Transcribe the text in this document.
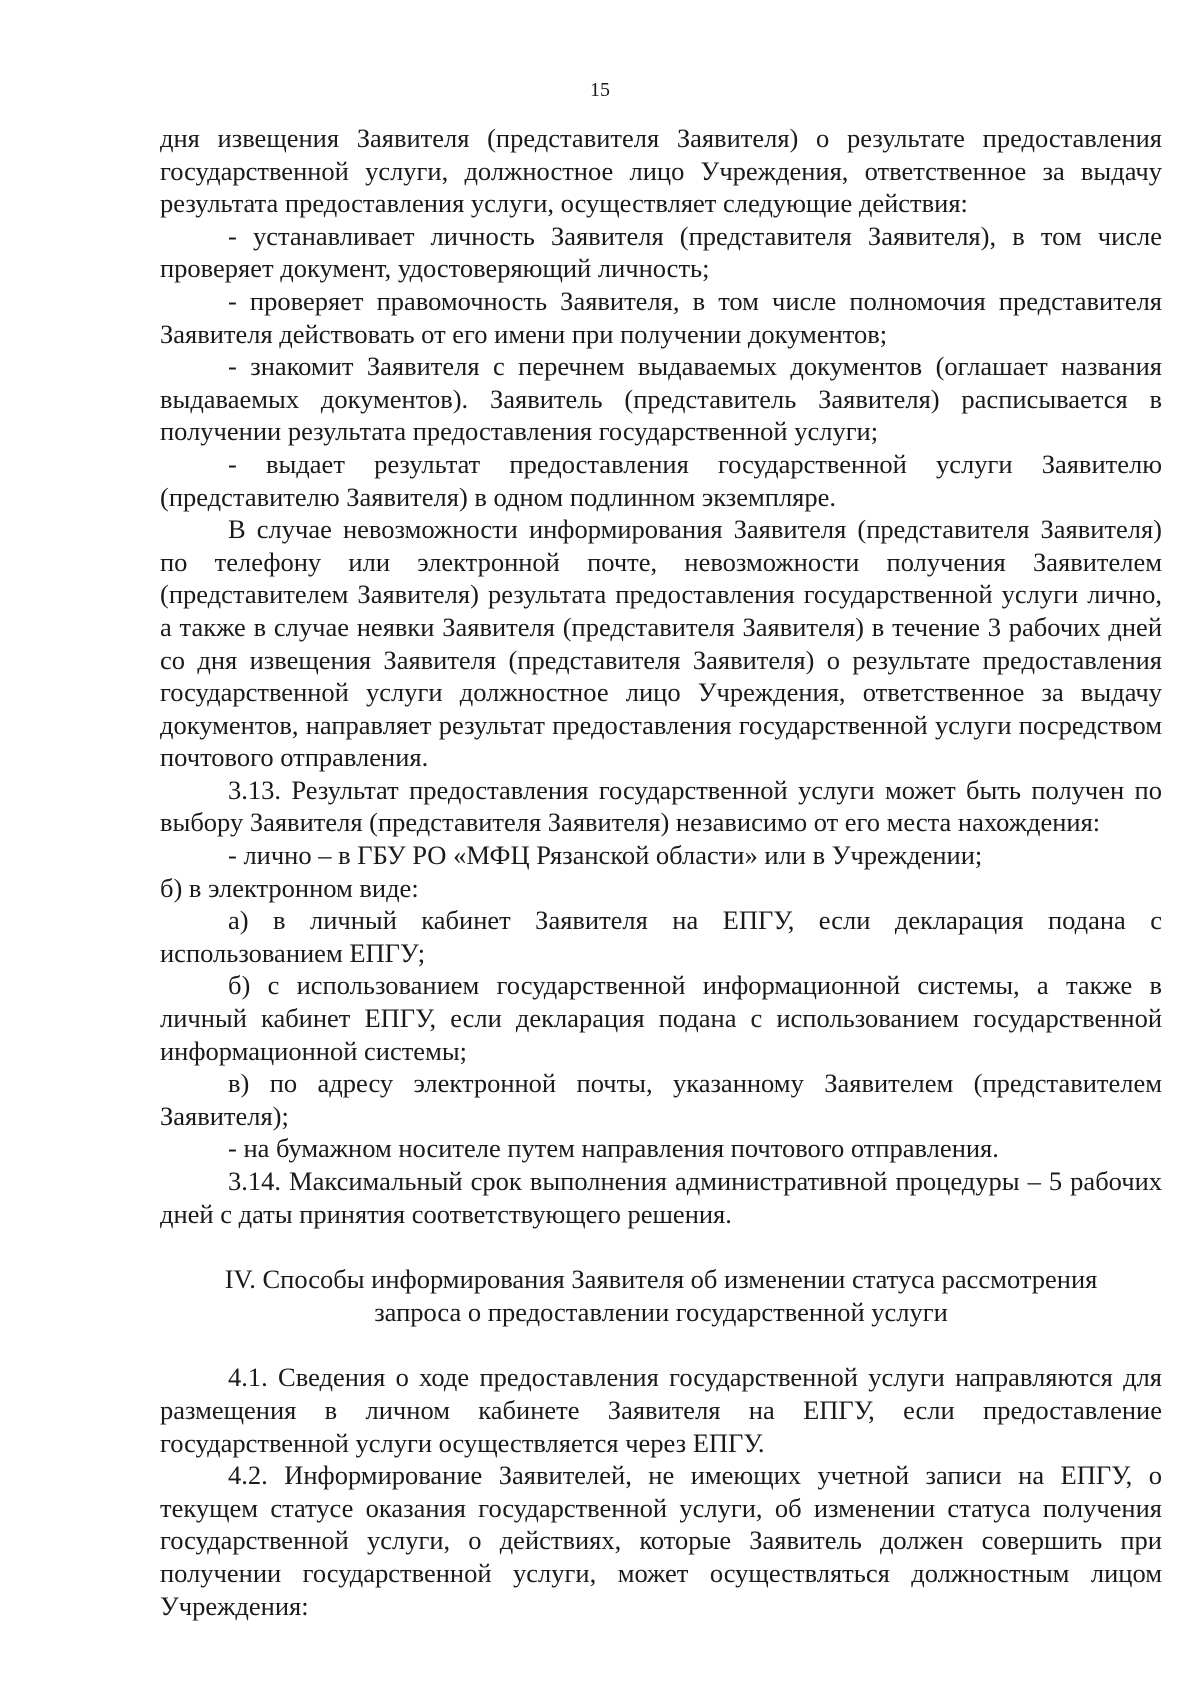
15

дня извещения Заявителя (представителя Заявителя) о результате предоставления государственной услуги, должностное лицо Учреждения, ответственное за выдачу результата предоставления услуги, осуществляет следующие действия:

- устанавливает личность Заявителя (представителя Заявителя), в том числе проверяет документ, удостоверяющий личность;

- проверяет правомочность Заявителя, в том числе полномочия представителя Заявителя действовать от его имени при получении документов;

- знакомит Заявителя с перечнем выдаваемых документов (оглашает названия выдаваемых документов). Заявитель (представитель Заявителя) расписывается в получении результата предоставления государственной услуги;

- выдает результат предоставления государственной услуги Заявителю (представителю Заявителя) в одном подлинном экземпляре.

В случае невозможности информирования Заявителя (представителя Заявителя) по телефону или электронной почте, невозможности получения Заявителем (представителем Заявителя) результата предоставления государственной услуги лично, а также в случае неявки Заявителя (представителя Заявителя) в течение 3 рабочих дней со дня извещения Заявителя (представителя Заявителя) о результате предоставления государственной услуги должностное лицо Учреждения, ответственное за выдачу документов, направляет результат предоставления государственной услуги посредством почтового отправления.

3.13. Результат предоставления государственной услуги может быть получен по выбору Заявителя (представителя Заявителя) независимо от его места нахождения:

- лично – в ГБУ РО «МФЦ Рязанской области» или в Учреждении;

б) в электронном виде:

а) в личный кабинет Заявителя на ЕПГУ, если декларация подана с использованием ЕПГУ;

б) с использованием государственной информационной системы, а также в личный кабинет ЕПГУ, если декларация подана с использованием государственной информационной системы;

в) по адресу электронной почты, указанному Заявителем (представителем Заявителя);

- на бумажном носителе путем направления почтового отправления.

3.14. Максимальный срок выполнения административной процедуры – 5 рабочих дней с даты принятия соответствующего решения.

IV. Способы информирования Заявителя об изменении статуса рассмотрения
запроса о предоставлении государственной услуги

4.1. Сведения о ходе предоставления государственной услуги направляются для размещения в личном кабинете Заявителя на ЕПГУ, если предоставление государственной услуги осуществляется через ЕПГУ.

4.2. Информирование Заявителей, не имеющих учетной записи на ЕПГУ, о текущем статусе оказания государственной услуги, об изменении статуса получения государственной услуги, о действиях, которые Заявитель должен совершить при получении государственной услуги, может осуществляться должностным лицом Учреждения:
